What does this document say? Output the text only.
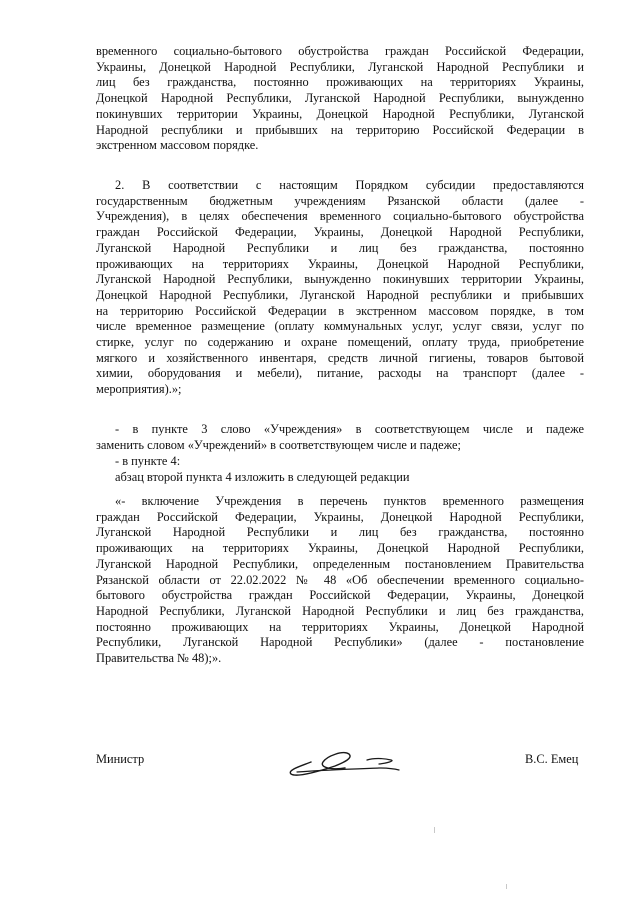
временного социально-бытового обустройства граждан Российской Федерации,
Украины, Донецкой Народной Республики, Луганской Народной Республики и
лиц без гражданства, постоянно проживающих на территориях Украины,
Донецкой Народной Республики, Луганской Народной Республики, вынужденно
покинувших территории Украины, Донецкой Народной Республики, Луганской
Народной республики и прибывших на территорию Российской Федерации в
экстренном массовом порядке.
2. В соответствии с настоящим Порядком субсидии предоставляются
государственным бюджетным учреждениям Рязанской области (далее -
Учреждения), в целях обеспечения временного социально-бытового обустройства
граждан Российской Федерации, Украины, Донецкой Народной Республики,
Луганской Народной Республики и лиц без гражданства, постоянно
проживающих на территориях Украины, Донецкой Народной Республики,
Луганской Народной Республики, вынужденно покинувших территории Украины,
Донецкой Народной Республики, Луганской Народной республики и прибывших
на территорию Российской Федерации в экстренном массовом порядке, в том
числе временное размещение (оплату коммунальных услуг, услуг связи, услуг по
стирке, услуг по содержанию и охране помещений, оплату труда, приобретение
мягкого и хозяйственного инвентаря, средств личной гигиены, товаров бытовой
химии, оборудования и мебели), питание, расходы на транспорт (далее -
мероприятия).»;
- в пункте 3 слово «Учреждения» в соответствующем числе и падеже
заменить словом «Учреждений» в соответствующем числе и падеже;
- в пункте 4:
абзац второй пункта 4 изложить в следующей редакции
«- включение Учреждения в перечень пунктов временного размещения
граждан Российской Федерации, Украины, Донецкой Народной Республики,
Луганской Народной Республики и лиц без гражданства, постоянно
проживающих на территориях Украины, Донецкой Народной Республики,
Луганской Народной Республики, определенным постановлением Правительства
Рязанской области от 22.02.2022 № 48 «Об обеспечении временного социально-
бытового обустройства граждан Российской Федерации, Украины, Донецкой
Народной Республики, Луганской Народной Республики и лиц без гражданства,
постоянно проживающих на территориях Украины, Донецкой Народной
Республики, Луганской Народной Республики» (далее - постановление
Правительства № 48);».
Министр	В.С. Емец
